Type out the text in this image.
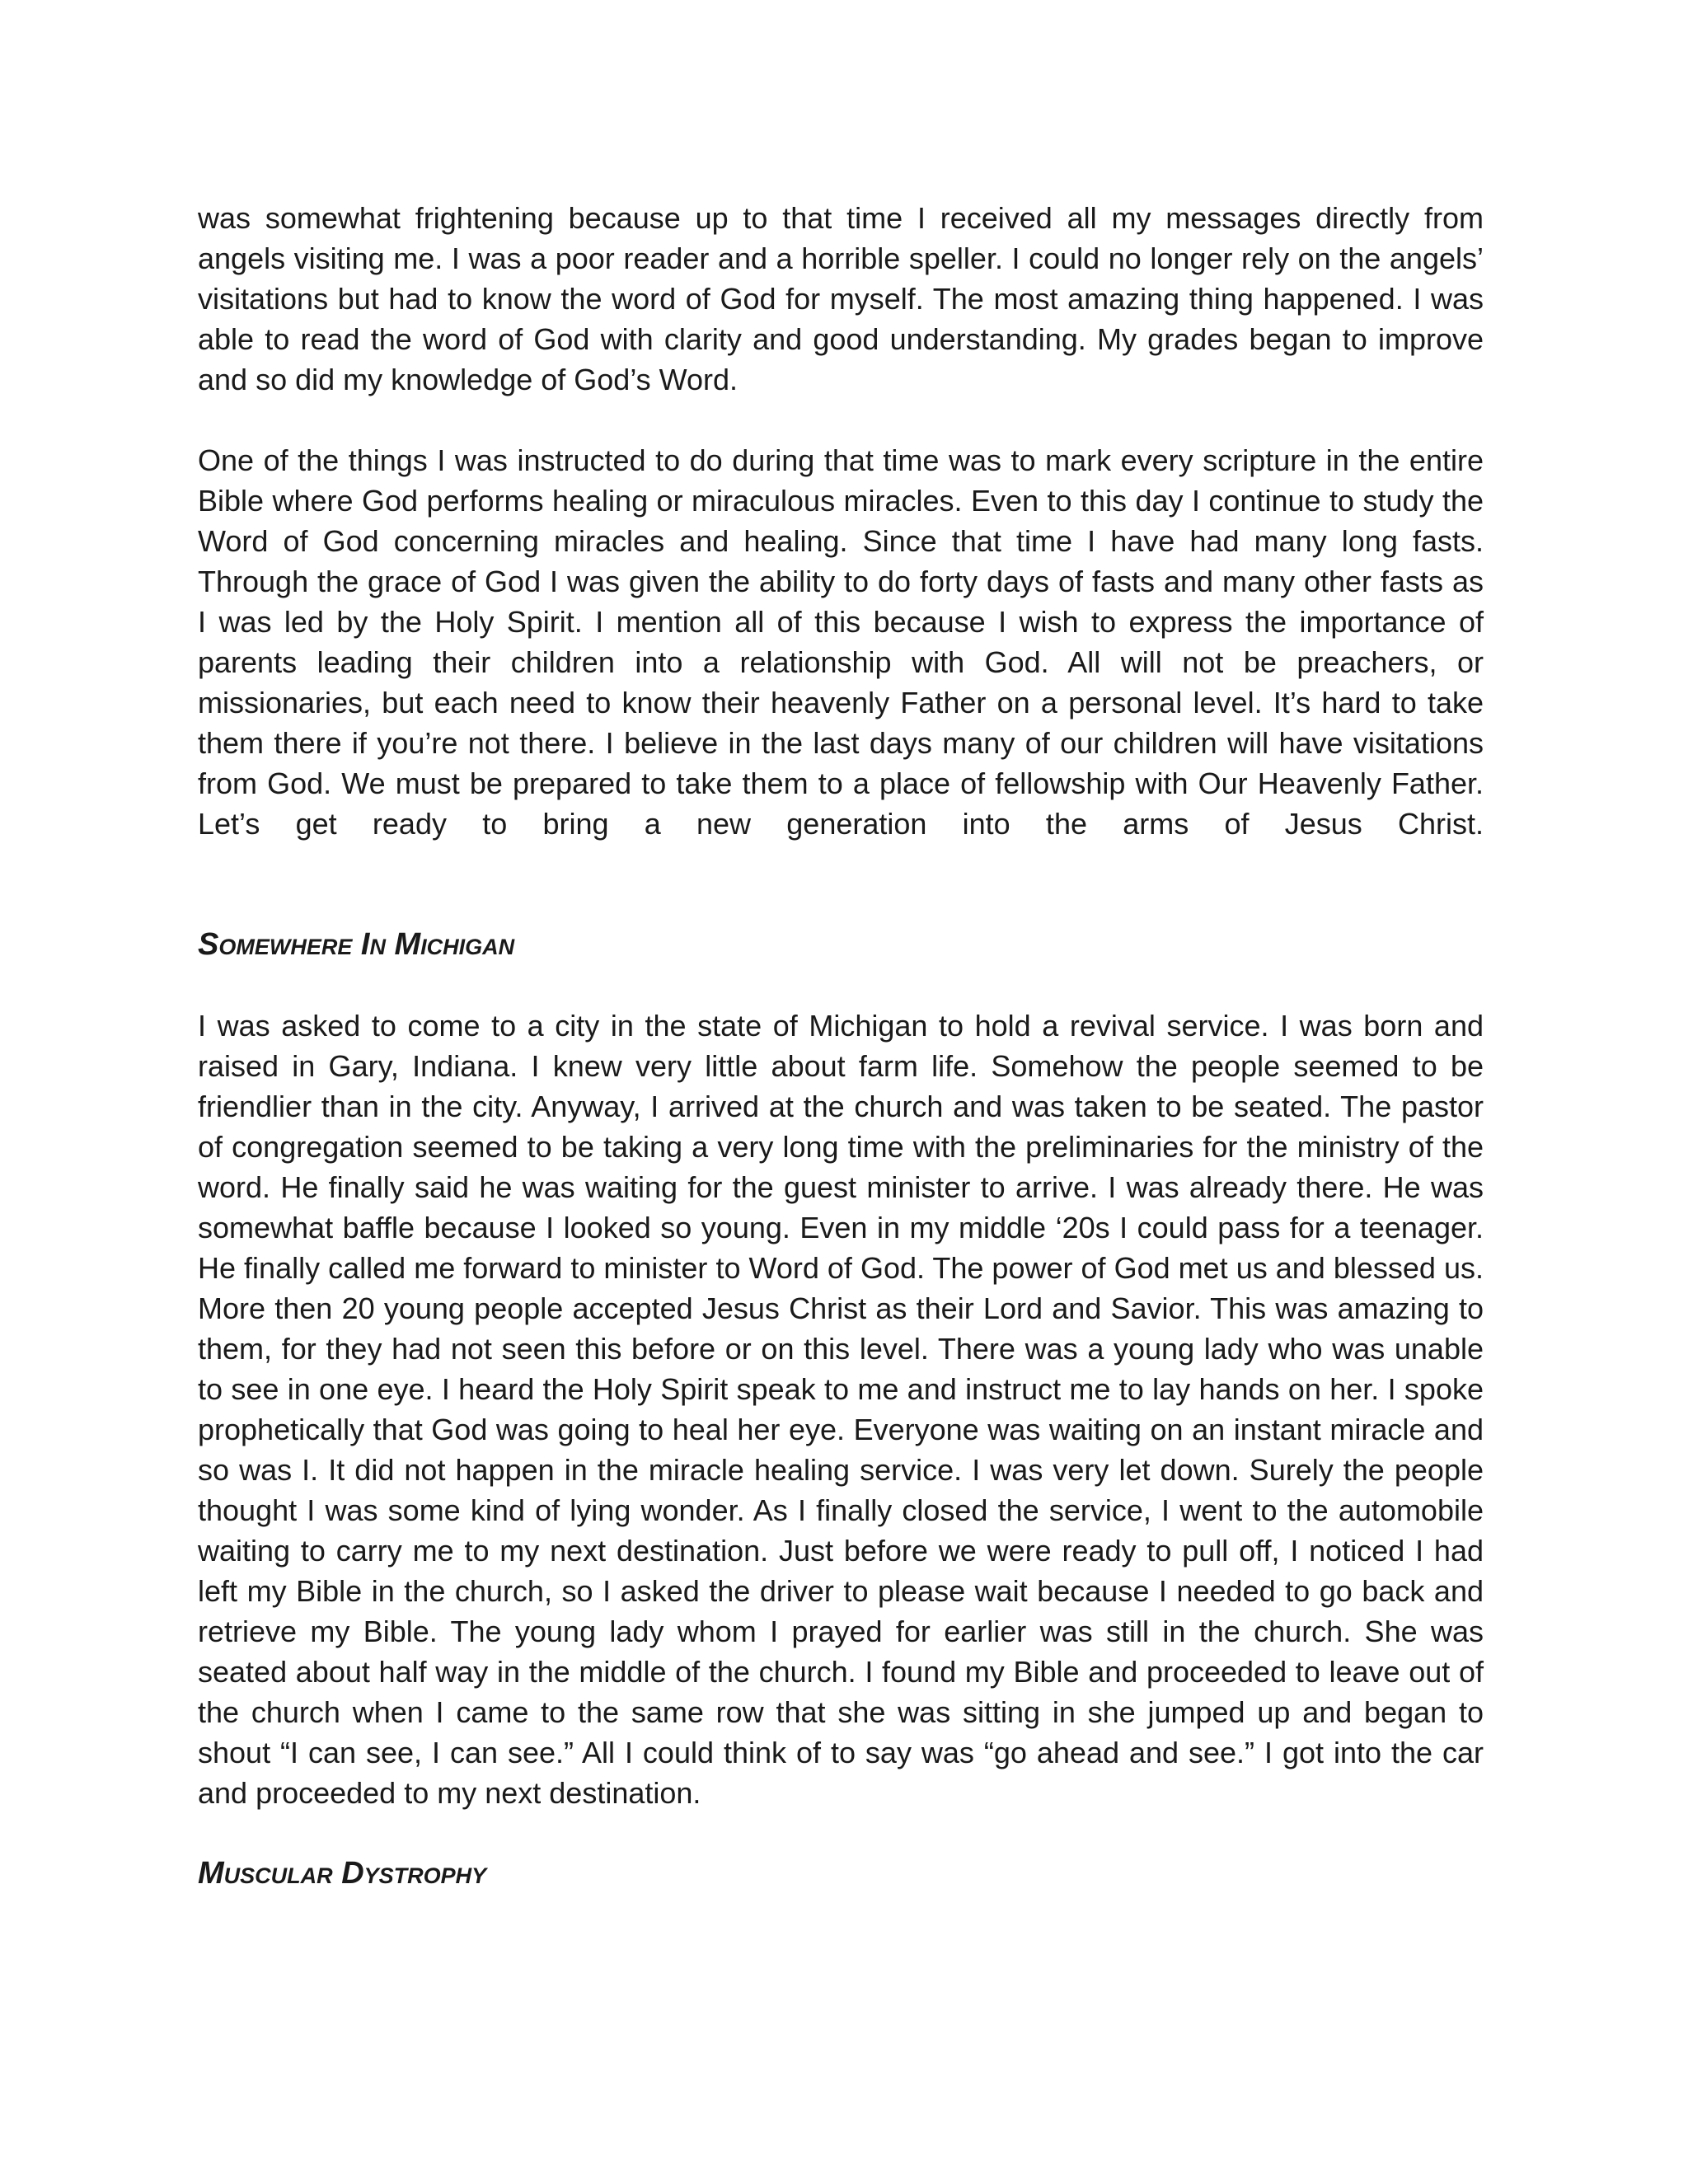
was somewhat frightening because up to that time I received all my messages directly from angels visiting me. I was a poor reader and a horrible speller. I could no longer rely on the angels’ visitations but had to know the word of God for myself. The most amazing thing happened. I was able to read the word of God with clarity and good understanding. My grades began to improve and so did my knowledge of God’s Word.

One of the things I was instructed to do during that time was to mark every scripture in the entire Bible where God performs healing or miraculous miracles. Even to this day I continue to study the Word of God concerning miracles and healing. Since that time I have had many long fasts. Through the grace of God I was given the ability to do forty days of fasts and many other fasts as I was led by the Holy Spirit. I mention all of this because I wish to express the importance of parents leading their children into a relationship with God. All will not be preachers, or missionaries, but each need to know their heavenly Father on a personal level. It’s hard to take them there if you’re not there. I believe in the last days many of our children will have visitations from God. We must be prepared to take them to a place of fellowship with Our Heavenly Father. Let’s get ready to bring a new generation into the arms of Jesus Christ.

Somewhere In Michigan

I was asked to come to a city in the state of Michigan to hold a revival service. I was born and raised in Gary, Indiana. I knew very little about farm life. Somehow the people seemed to be friendlier than in the city. Anyway, I arrived at the church and was taken to be seated. The pastor of congregation seemed to be taking a very long time with the preliminaries for the ministry of the word. He finally said he was waiting for the guest minister to arrive. I was already there. He was somewhat baffle because I looked so young. Even in my middle ‘20s I could pass for a teenager. He finally called me forward to minister to Word of God. The power of God met us and blessed us. More then 20 young people accepted Jesus Christ as their Lord and Savior. This was amazing to them, for they had not seen this before or on this level. There was a young lady who was unable to see in one eye. I heard the Holy Spirit speak to me and instruct me to lay hands on her. I spoke prophetically that God was going to heal her eye. Everyone was waiting on an instant miracle and so was I. It did not happen in the miracle healing service. I was very let down. Surely the people thought I was some kind of lying wonder. As I finally closed the service, I went to the automobile waiting to carry me to my next destination. Just before we were ready to pull off, I noticed I had left my Bible in the church, so I asked the driver to please wait because I needed to go back and retrieve my Bible. The young lady whom I prayed for earlier was still in the church. She was seated about half way in the middle of the church. I found my Bible and proceeded to leave out of the church when I came to the same row that she was sitting in she jumped up and began to shout “I can see, I can see.” All I could think of to say was “go ahead and see.” I got into the car and proceeded to my next destination.

Muscular Dystrophy
